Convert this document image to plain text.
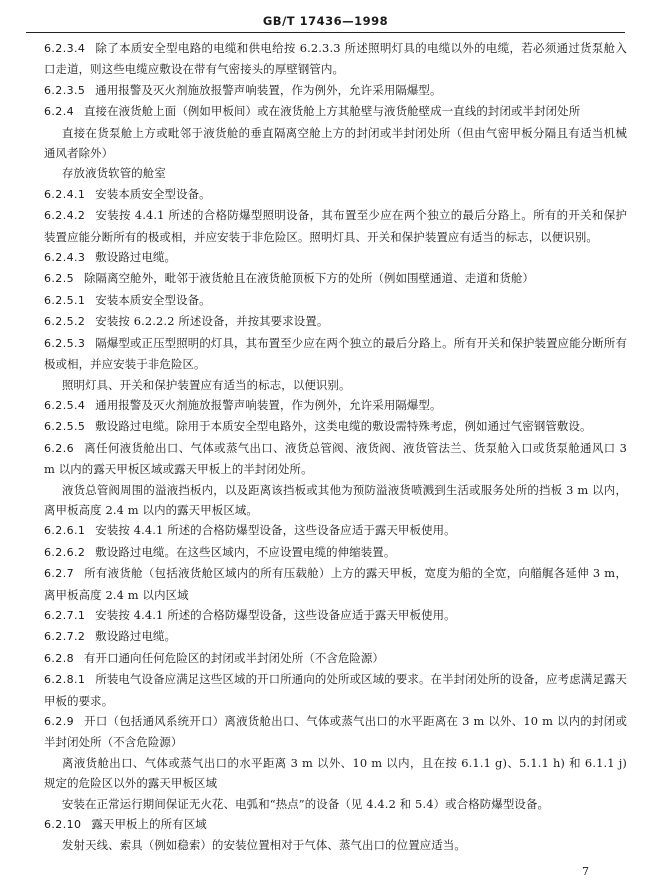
GB/T 17436—1998

6.2.3.4 除了本质安全型电路的电缆和供电给按 6.2.3.3 所述照明灯具的电缆以外的电缆，若必须通过货泵舱入口走道，则这些电缆应敷设在带有气密接头的厚壁钢管内。

6.2.3.5 通用报警及灭火剂施放报警声响装置，作为例外，允许采用隔爆型。

6.2.4 直接在液货舱上面（例如甲板间）或在液货舱上方其舱壁与液货舱壁成一直线的封闭或半封闭处所

直接在货泵舱上方或毗邻于液货舱的垂直隔离空舱上方的封闭或半封闭处所（但由气密甲板分隔且有适当机械通风者除外）

存放液货软管的舱室

6.2.4.1 安装本质安全型设备。

6.2.4.2 安装按 4.4.1 所述的合格防爆型照明设备，其布置至少应在两个独立的最后分路上。所有的开关和保护装置应能分断所有的极或相，并应安装于非危险区。照明灯具、开关和保护装置应有适当的标志，以便识别。

6.2.4.3 敷设路过电缆。

6.2.5 除隔离空舱外，毗邻于液货舱且在液货舱顶板下方的处所（例如围壁通道、走道和货舱）

6.2.5.1 安装本质安全型设备。

6.2.5.2 安装按 6.2.2.2 所述设备，并按其要求设置。

6.2.5.3 隔爆型或正压型照明的灯具，其布置至少应在两个独立的最后分路上。所有开关和保护装置应能分断所有极或相，并应安装于非危险区。

照明灯具、开关和保护装置应有适当的标志，以便识别。

6.2.5.4 通用报警及灭火剂施放报警声响装置，作为例外，允许采用隔爆型。

6.2.5.5 敷设路过电缆。除用于本质安全型电路外，这类电缆的敷设需特殊考虑，例如通过气密钢管敷设。

6.2.6 离任何液货舱出口、气体或蒸气出口、液货总管阀、液货阀、液货管法兰、货泵舱入口或货泵舱通风口 3 m 以内的露天甲板区域或露天甲板上的半封闭处所。

液货总管阀周围的溢液挡板内，以及距离该挡板或其他为预防溢液货喷溅到生活或服务处所的挡板 3 m 以内，离甲板高度 2.4 m 以内的露天甲板区域。

6.2.6.1 安装按 4.4.1 所述的合格防爆型设备，这些设备应适于露天甲板使用。

6.2.6.2 敷设路过电缆。在这些区域内，不应设置电缆的伸缩装置。

6.2.7 所有液货舱（包括液货舱区域内的所有压载舱）上方的露天甲板，宽度为船的全宽，向艏艉各延伸 3 m，离甲板高度 2.4 m 以内区域

6.2.7.1 安装按 4.4.1 所述的合格防爆型设备，这些设备应适于露天甲板使用。

6.2.7.2 敷设路过电缆。

6.2.8 有开口通向任何危险区的封闭或半封闭处所（不含危险源）

6.2.8.1 所装电气设备应满足这些区域的开口所通向的处所或区域的要求。在半封闭处所的设备，应考虑满足露天甲板的要求。

6.2.9 开口（包括通风系统开口）离液货舱出口、气体或蒸气出口的水平距离在 3 m 以外、10 m 以内的封闭或半封闭处所（不含危险源）

离液货舱出口、气体或蒸气出口的水平距离 3 m 以外、10 m 以内，且在按 6.1.1 g)、5.1.1 h) 和 6.1.1 j) 规定的危险区以外的露天甲板区域

安装在正常运行期间保证无火花、电弧和“热点”的设备（见 4.4.2 和 5.4）或合格防爆型设备。

6.2.10 露天甲板上的所有区域

发射天线、索具（例如稳索）的安装位置相对于气体、蒸气出口的位置应适当。

7
